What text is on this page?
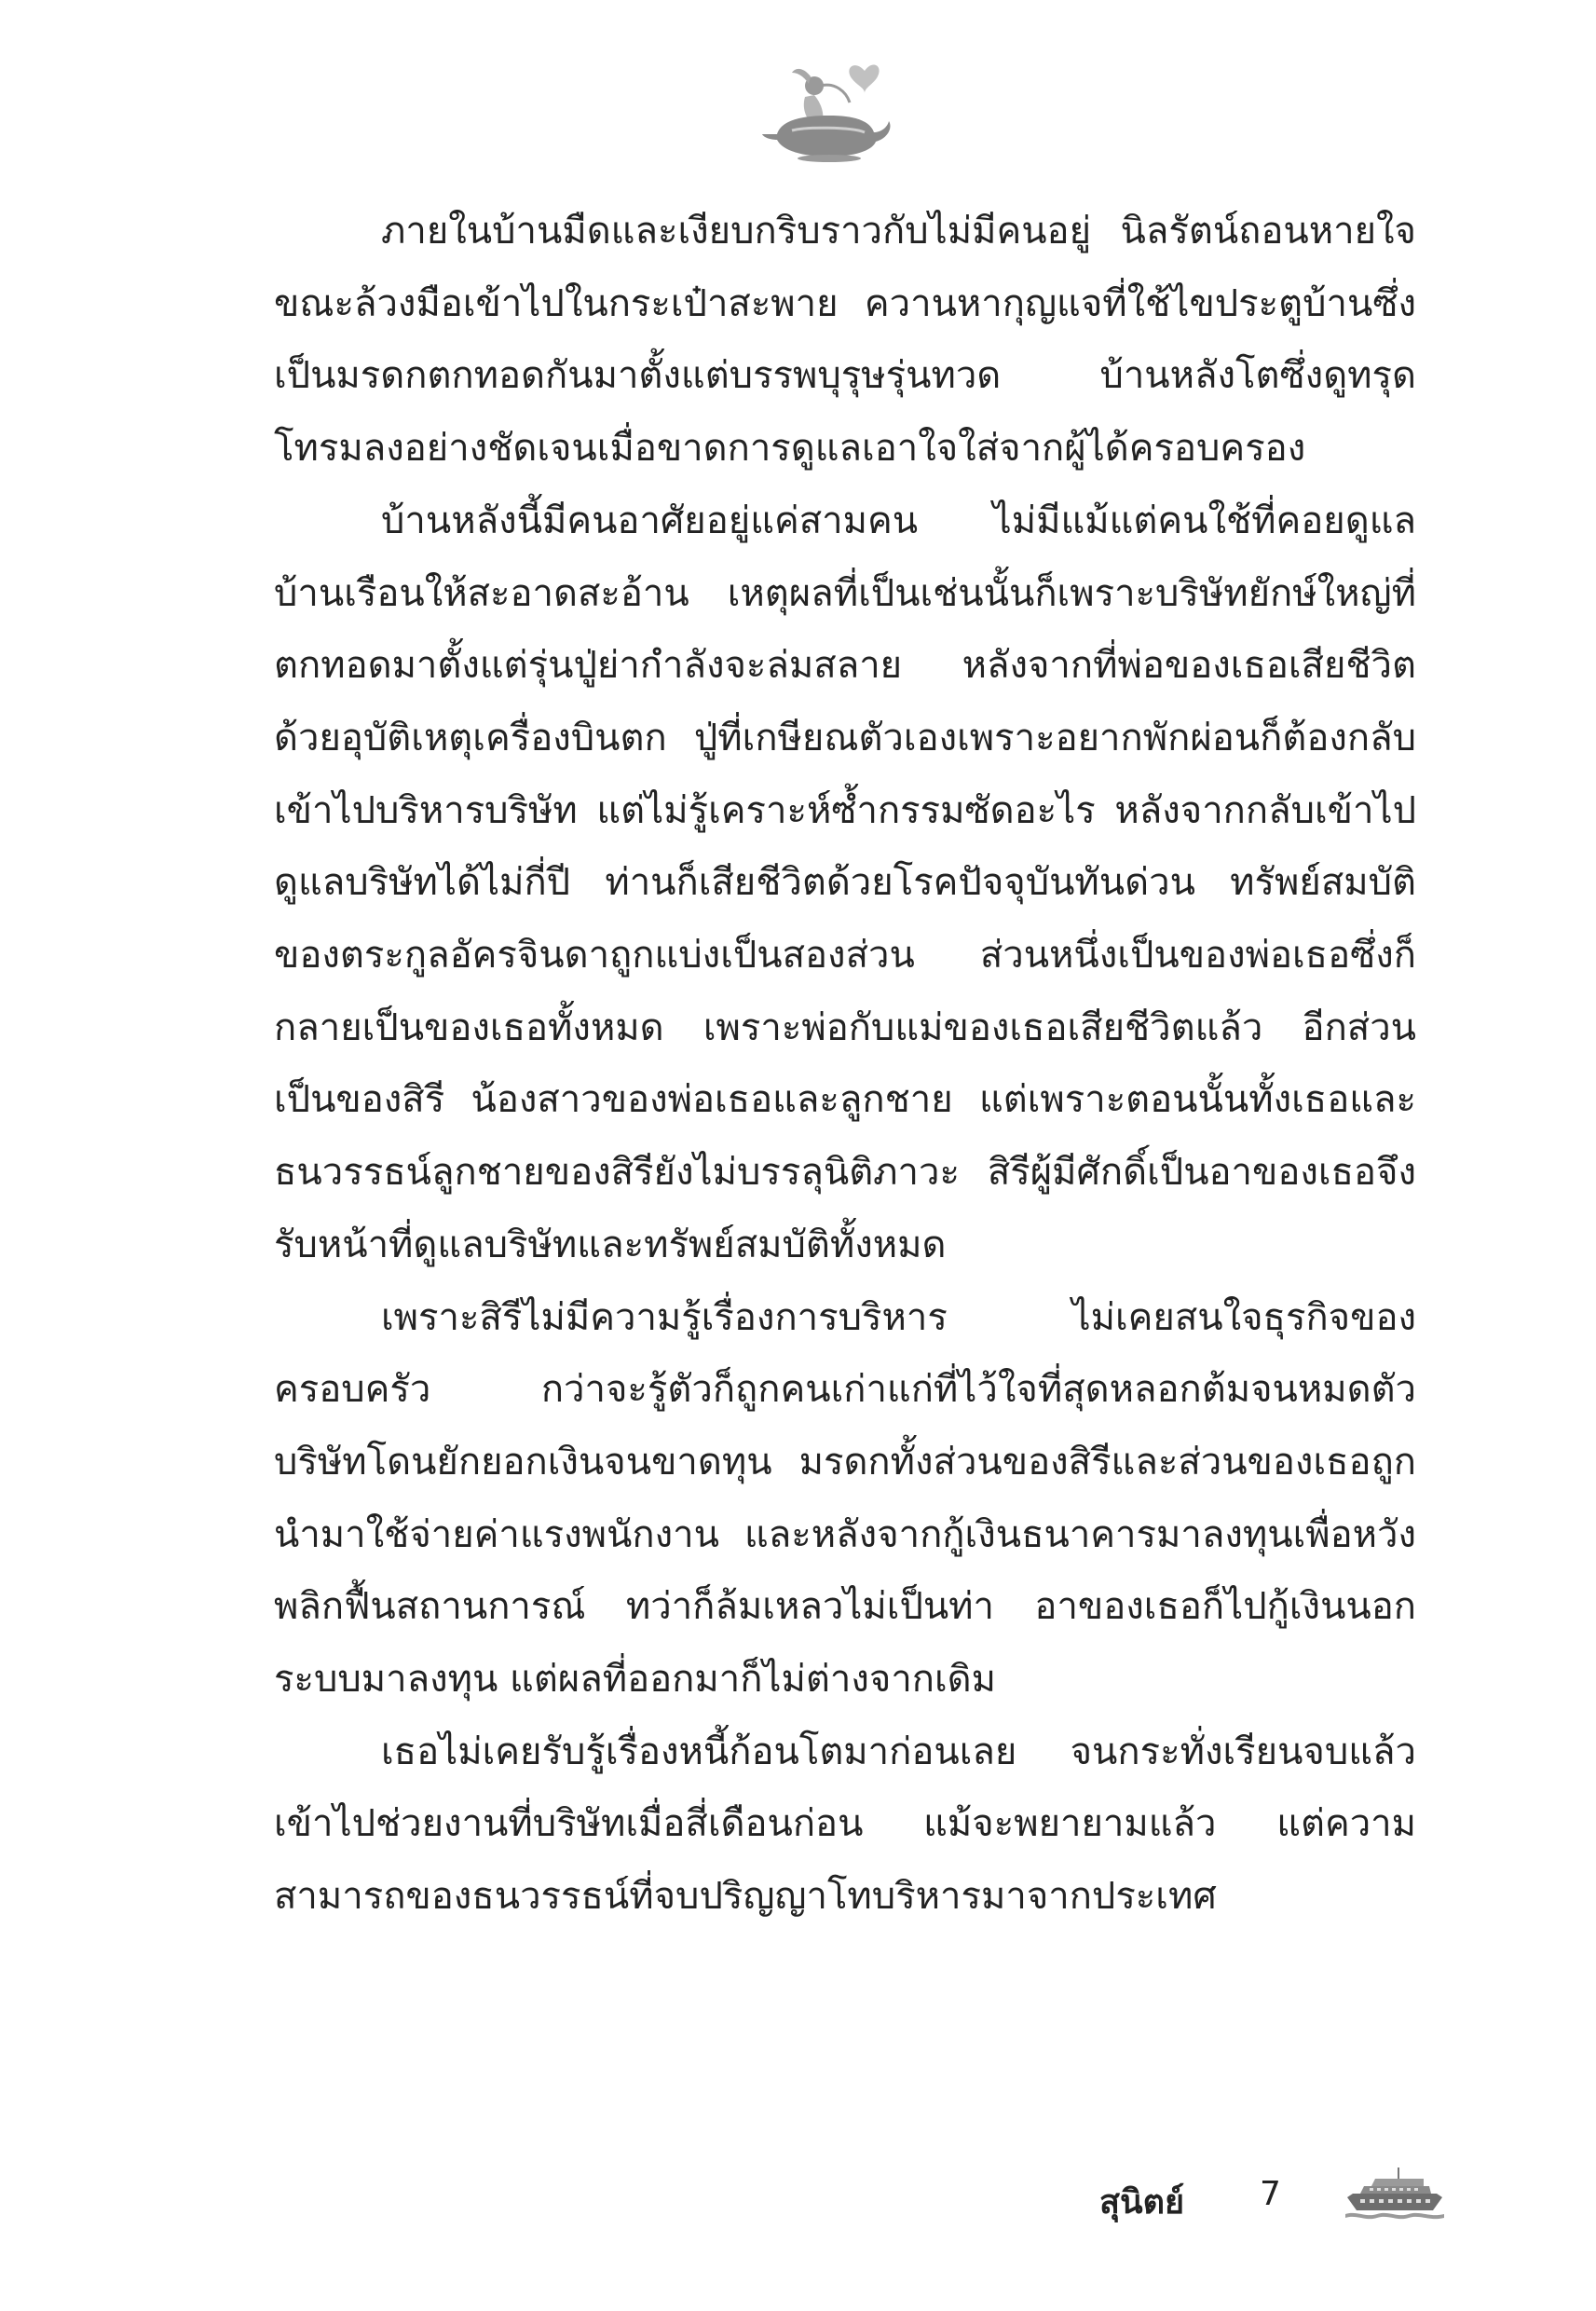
ภายในบ้านมืดและเงียบกริบราวกับไม่มีคนอยู่ นิลรัตน์ถอนหายใจขณะล้วงมือเข้าไปในกระเป๋าสะพาย ควานหากุญแจที่ใช้ไขประตูบ้านซึ่งเป็นมรดกตกทอดกันมาตั้งแต่บรรพบุรุษรุ่นทวด บ้านหลังโตซึ่งดูทรุดโทรมลงอย่างชัดเจนเมื่อขาดการดูแลเอาใจใส่จากผู้ได้ครอบครอง

บ้านหลังนี้มีคนอาศัยอยู่แค่สามคน ไม่มีแม้แต่คนใช้ที่คอยดูแลบ้านเรือนให้สะอาดสะอ้าน เหตุผลที่เป็นเช่นนั้นก็เพราะบริษัทยักษ์ใหญ่ที่ตกทอดมาตั้งแต่รุ่นปู่ย่ากำลังจะล่มสลาย หลังจากที่พ่อของเธอเสียชีวิตด้วยอุบัติเหตุเครื่องบินตก ปู่ที่เกษียณตัวเองเพราะอยากพักผ่อนก็ต้องกลับเข้าไปบริหารบริษัท แต่ไม่รู้เคราะห์ซ้ำกรรมซัดอะไร หลังจากกลับเข้าไปดูแลบริษัทได้ไม่กี่ปี ท่านก็เสียชีวิตด้วยโรคปัจจุบันทันด่วน ทรัพย์สมบัติของตระกูลอัครจินดาถูกแบ่งเป็นสองส่วน ส่วนหนึ่งเป็นของพ่อเธอซึ่งก็กลายเป็นของเธอทั้งหมด เพราะพ่อกับแม่ของเธอเสียชีวิตแล้ว อีกส่วนเป็นของสิรี น้องสาวของพ่อเธอและลูกชาย แต่เพราะตอนนั้นทั้งเธอและธนวรรธน์ลูกชายของสิรียังไม่บรรลุนิติภาวะ สิรีผู้มีศักดิ์เป็นอาของเธอจึงรับหน้าที่ดูแลบริษัทและทรัพย์สมบัติทั้งหมด

เพราะสิรีไม่มีความรู้เรื่องการบริหาร ไม่เคยสนใจธุรกิจของครอบครัว กว่าจะรู้ตัวก็ถูกคนเก่าแก่ที่ไว้ใจที่สุดหลอกต้มจนหมดตัว บริษัทโดนยักยอกเงินจนขาดทุน มรดกทั้งส่วนของสิรีและส่วนของเธอถูกนำมาใช้จ่ายค่าแรงพนักงาน และหลังจากกู้เงินธนาคารมาลงทุนเพื่อหวังพลิกฟื้นสถานการณ์ ทว่าก็ล้มเหลวไม่เป็นท่า อาของเธอก็ไปกู้เงินนอกระบบมาลงทุน แต่ผลที่ออกมาก็ไม่ต่างจากเดิม

เธอไม่เคยรับรู้เรื่องหนี้ก้อนโตมาก่อนเลย จนกระทั่งเรียนจบแล้วเข้าไปช่วยงานที่บริษัทเมื่อสี่เดือนก่อน แม้จะพยายามแล้ว แต่ความสามารถของธนวรรธน์ที่จบปริญญาโทบริหารมาจากประเทศ

สุนิตย์ 7
